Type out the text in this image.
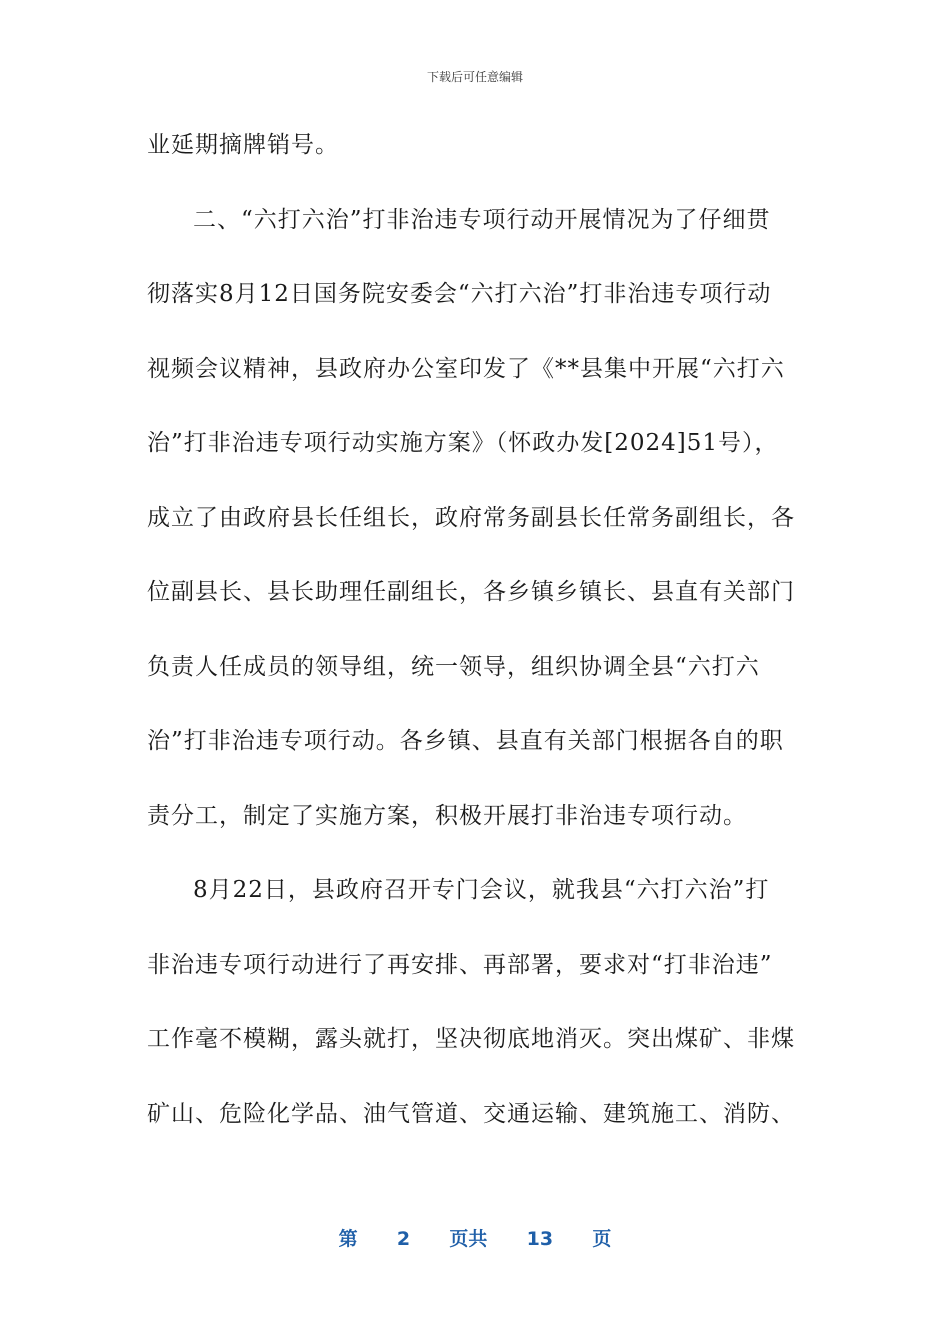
下载后可任意编辑
业延期摘牌销号。
二、“六打六治”打非治违专项行动开展情况为了仔细贯
彻落实8月12日国务院安委会“六打六治”打非治违专项行动
视频会议精神，县政府办公室印发了《**县集中开展“六打六
治”打非治违专项行动实施方案》（怀政办发[2024]51号），
成立了由政府县长任组长，政府常务副县长任常务副组长，各
位副县长、县长助理任副组长，各乡镇乡镇长、县直有关部门
负责人任成员的领导组，统一领导，组织协调全县“六打六
治”打非治违专项行动。各乡镇、县直有关部门根据各自的职
责分工，制定了实施方案，积极开展打非治违专项行动。
8月22日，县政府召开专门会议，就我县“六打六治”打
非治违专项行动进行了再安排、再部署，要求对“打非治违”
工作毫不模糊，露头就打，坚决彻底地消灭。突出煤矿、非煤
矿山、危险化学品、油气管道、交通运输、建筑施工、消防、
第 2 页共 13 页
